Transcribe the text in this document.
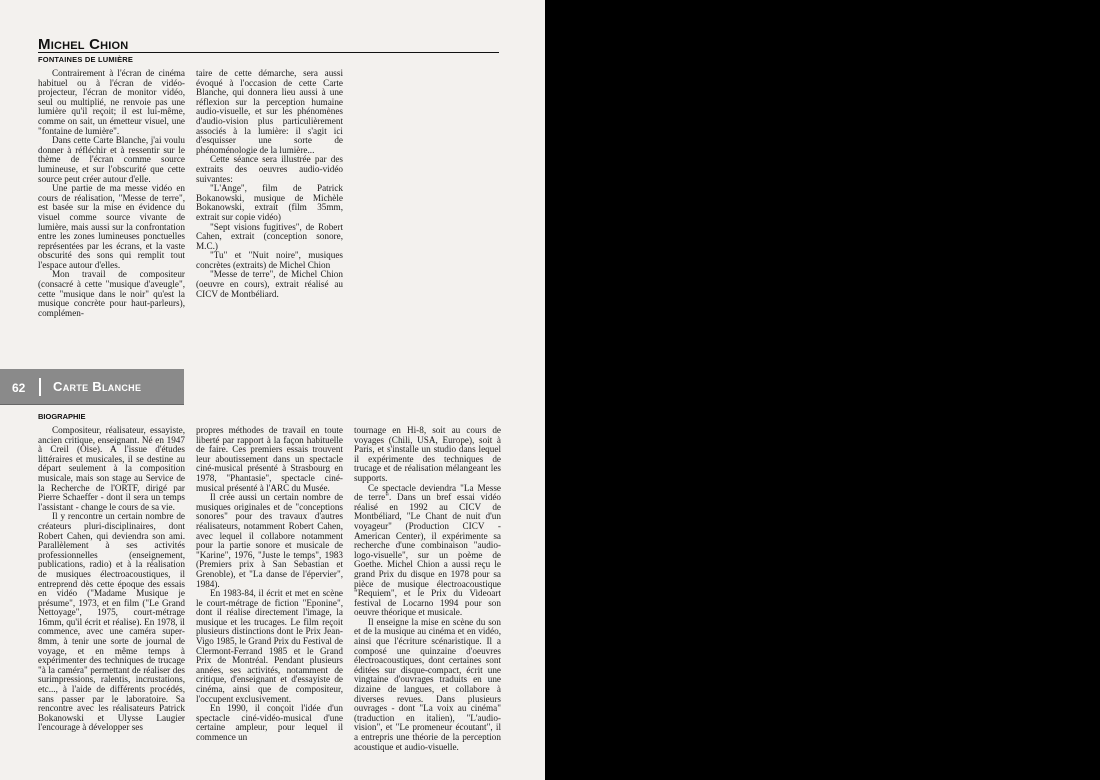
Michel Chion
FONTAINES DE LUMIÈRE

Contrairement à l'écran de cinéma habituel ou à l'écran de vidéo-projecteur, l'écran de monitor vidéo, seul ou multiplié, ne renvoie pas une lumière qu'il reçoit; il est lui-même, comme on sait, un émetteur visuel, une "fontaine de lumière".

Dans cette Carte Blanche, j'ai voulu donner à réfléchir et à ressentir sur le thème de l'écran comme source lumineuse, et sur l'obscurité que cette source peut créer autour d'elle.

Une partie de ma messe vidéo en cours de réalisation, "Messe de terre", est basée sur la mise en évidence du visuel comme source vivante de lumière, mais aussi sur la confrontation entre les zones lumineuses ponctuelles représentées par les écrans, et la vaste obscurité des sons qui remplit tout l'espace autour d'elles.

Mon travail de compositeur (consacré à cette "musique d'aveugle", cette "musique dans le noir" qu'est la musique concrète pour haut-parleurs), complémen-

taire de cette démarche, sera aussi évoqué à l'occasion de cette Carte Blanche, qui donnera lieu aussi à une réflexion sur la perception humaine audio-visuelle, et sur les phénomènes d'audio-vision plus particulièrement associés à la lumière: il s'agit ici d'esquisser une sorte de phénoménologie de la lumière...

Cette séance sera illustrée par des extraits des oeuvres audio-vidéo suivantes:

"L'Ange", film de Patrick Bokanowski, musique de Michèle Bokanowski, extrait (film 35mm, extrait sur copie vidéo)

"Sept visions fugitives", de Robert Cahen, extrait (conception sonore, M.C.)

"Tu" et "Nuit noire", musiques concrètes (extraits) de Michel Chion

"Messe de terre", de Michel Chion (oeuvre en cours), extrait réalisé au CICV de Montbéliard.

62 Carte Blanche
BIOGRAPHIE

Compositeur, réalisateur, essayiste, ancien critique, enseignant. Né en 1947 à Creil (Oise). A l'issue d'études littéraires et musicales, il se destine au départ seulement à la composition musicale, mais son stage au Service de la Recherche de l'ORTF, dirigé par Pierre Schaeffer - dont il sera un temps l'assistant - change le cours de sa vie.

Il y rencontre un certain nombre de créateurs pluri-disciplinaires, dont Robert Cahen, qui deviendra son ami. Parallèlement à ses activités professionnelles (enseignement, publications, radio) et à la réalisation de musiques électroacoustiques, il entreprend dès cette époque des essais en vidéo ("Madame Musique je présume", 1973, et en film ("Le Grand Nettoyage", 1975, court-métrage 16mm, qu'il écrit et réalise). En 1978, il commence, avec une caméra super-8mm, à tenir une sorte de journal de voyage, et en même temps à expérimenter des techniques de trucage "à la caméra" permettant de réaliser des surimpressions, ralentis, incrustations, etc..., à l'aide de différents procédés, sans passer par le laboratoire. Sa rencontre avec les réalisateurs Patrick Bokanowski et Ulysse Laugier l'encourage à développer ses

propres méthodes de travail en toute liberté par rapport à la façon habituelle de faire. Ces premiers essais trouvent leur aboutissement dans un spectacle ciné-musical présenté à Strasbourg en 1978, "Phantasie", spectacle ciné-musical présenté à l'ARC du Musée.

Il crée aussi un certain nombre de musiques originales et de "conceptions sonores" pour des travaux d'autres réalisateurs, notamment Robert Cahen, avec lequel il collabore notamment pour la partie sonore et musicale de "Karine", 1976, "Juste le temps", 1983 (Premiers prix à San Sebastian et Grenoble), et "La danse de l'épervier", 1984).

En 1983-84, il écrit et met en scène le court-métrage de fiction "Eponine", dont il réalise directement l'image, la musique et les trucages. Le film reçoit plusieurs distinctions dont le Prix Jean-Vigo 1985, le Grand Prix du Festival de Clermont-Ferrand 1985 et le Grand Prix de Montréal. Pendant plusieurs années, ses activités, notamment de critique, d'enseignant et d'essayiste de cinéma, ainsi que de compositeur, l'occupent exclusivement.

En 1990, il conçoit l'idée d'un spectacle ciné-vidéo-musical d'une certaine ampleur, pour lequel il commence un

tournage en Hi-8, soit au cours de voyages (Chili, USA, Europe), soit à Paris, et s'installe un studio dans lequel il expérimente des techniques de trucage et de réalisation mélangeant les supports.

Ce spectacle deviendra "La Messe de terre". Dans un bref essai vidéo réalisé en 1992 au CICV de Montbéliard, "Le Chant de nuit d'un voyageur" (Production CICV - American Center), il expérimente sa recherche d'une combinaison "audio-logo-visuelle", sur un poème de Goethe. Michel Chion a aussi reçu le grand Prix du disque en 1978 pour sa pièce de musique électroacoustique "Requiem", et le Prix du Videoart festival de Locarno 1994 pour son oeuvre théorique et musicale.

Il enseigne la mise en scène du son et de la musique au cinéma et en vidéo, ainsi que l'écriture scénaristique. Il a composé une quinzaine d'oeuvres électroacoustiques, dont certaines sont éditées sur disque-compact, écrit une vingtaine d'ouvrages traduits en une dizaine de langues, et collabore à diverses revues. Dans plusieurs ouvrages - dont "La voix au cinéma" (traduction en italien), "L'audio-vision", et "Le promeneur écoutant", il a entrepris une théorie de la perception acoustique et audio-visuelle.
